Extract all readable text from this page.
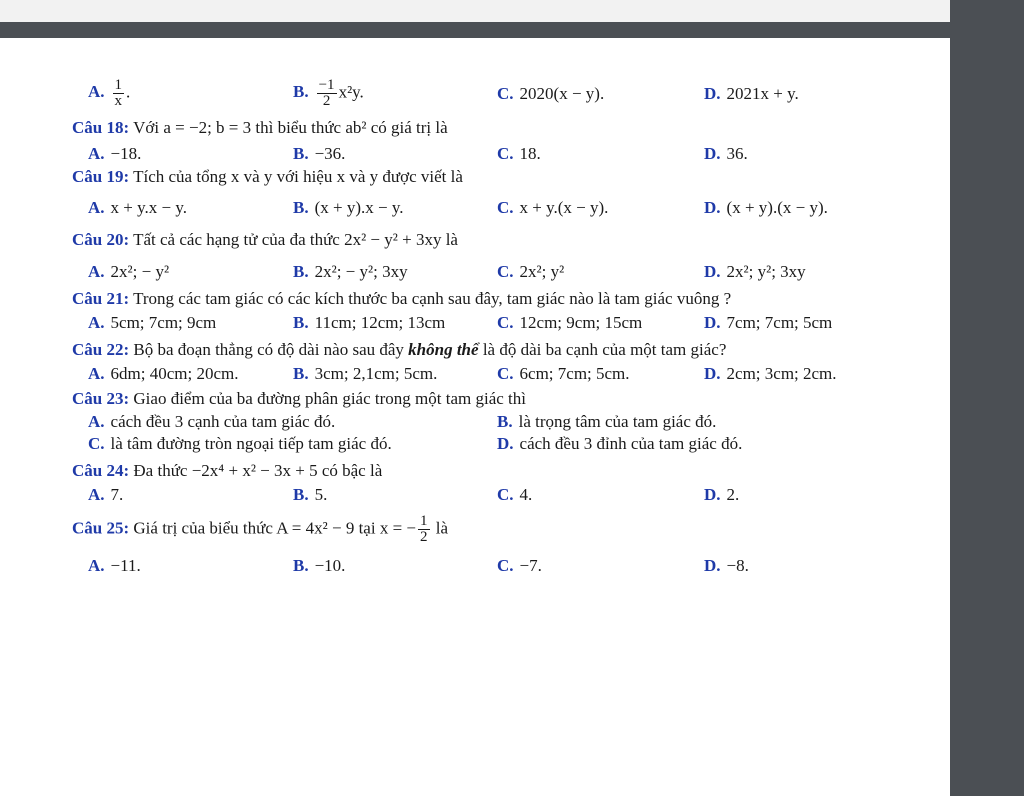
A. $\frac{1}{x}$ .	B. $\frac{-1}{2} x^2y$.	C. 2020(x − y).	D. 2021x + y.
Câu 18: Với a = −2; b = 3 thì biểu thức ab² có giá trị là
A. −18.	B. −36.	C. 18.	D. 36.
Câu 19: Tích của tổng x và y với hiệu x và y được viết là
A. x + y.x − y.	B. (x + y).x − y.	C. x + y.(x − y).	D. (x + y).(x − y).
Câu 20: Tất cả các hạng tử của đa thức 2x² − y² + 3xy là
A. 2x²; − y²	B. 2x²; − y²; 3xy	C. 2x²; y²	D. 2x²; y²; 3xy
Câu 21: Trong các tam giác có các kích thước ba cạnh sau đây, tam giác nào là tam giác vuông ?
A. 5cm; 7cm; 9cm	B. 11cm; 12cm; 13cm	C. 12cm; 9cm; 15cm	D. 7cm; 7cm; 5cm
Câu 22: Bộ ba đoạn thẳng có độ dài nào sau đây không thể là độ dài ba cạnh của một tam giác?
A. 6dm; 40cm; 20cm.	B. 3cm; 2,1cm; 5cm.	C. 6cm; 7cm; 5cm.	D. 2cm; 3cm; 2cm.
Câu 23: Giao điểm của ba đường phân giác trong một tam giác thì
A. cách đều 3 cạnh của tam giác đó.	B. là trọng tâm của tam giác đó.
C. là tâm đường tròn ngoại tiếp tam giác đó.	D. cách đều 3 đỉnh của tam giác đó.
Câu 24: Đa thức −2x⁴ + x² − 3x + 5 có bậc là
A. 7.	B. 5.	C. 4.	D. 2.
Câu 25: Giá trị của biểu thức A = 4x² − 9 tại x = − $\frac{1}{2}$ là
A. −11.	B. −10.	C. −7.	D. −8.
